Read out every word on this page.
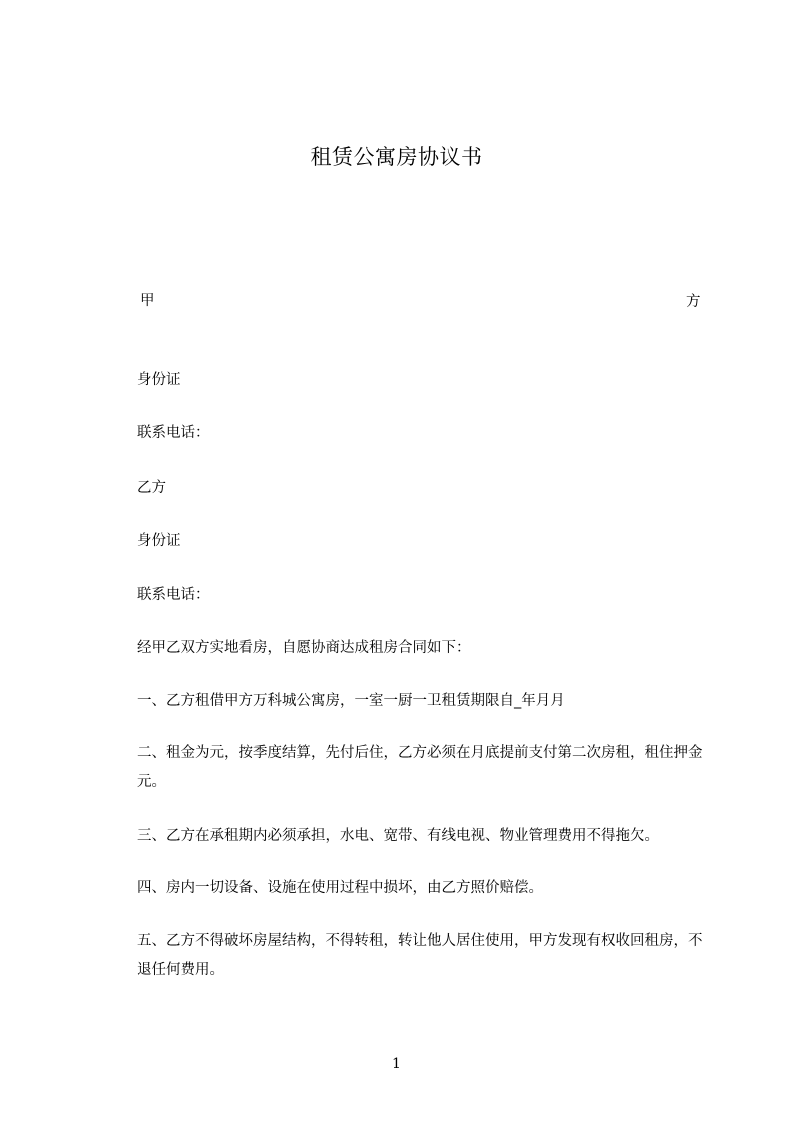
租赁公寓房协议书
甲	方
身份证
联系电话：
乙方
身份证
联系电话：
经甲乙双方实地看房，自愿协商达成租房合同如下：
一、乙方租借甲方万科城公寓房，一室一厨一卫租赁期限自_年月月
二、租金为元，按季度结算，先付后住，乙方必须在月底提前支付第二次房租，租住押金元。
三、乙方在承租期内必须承担，水电、宽带、有线电视、物业管理费用不得拖欠。
四、房内一切设备、设施在使用过程中损坏，由乙方照价赔偿。
五、乙方不得破坏房屋结构，不得转租，转让他人居住使用，甲方发现有权收回租房，不退任何费用。
1
